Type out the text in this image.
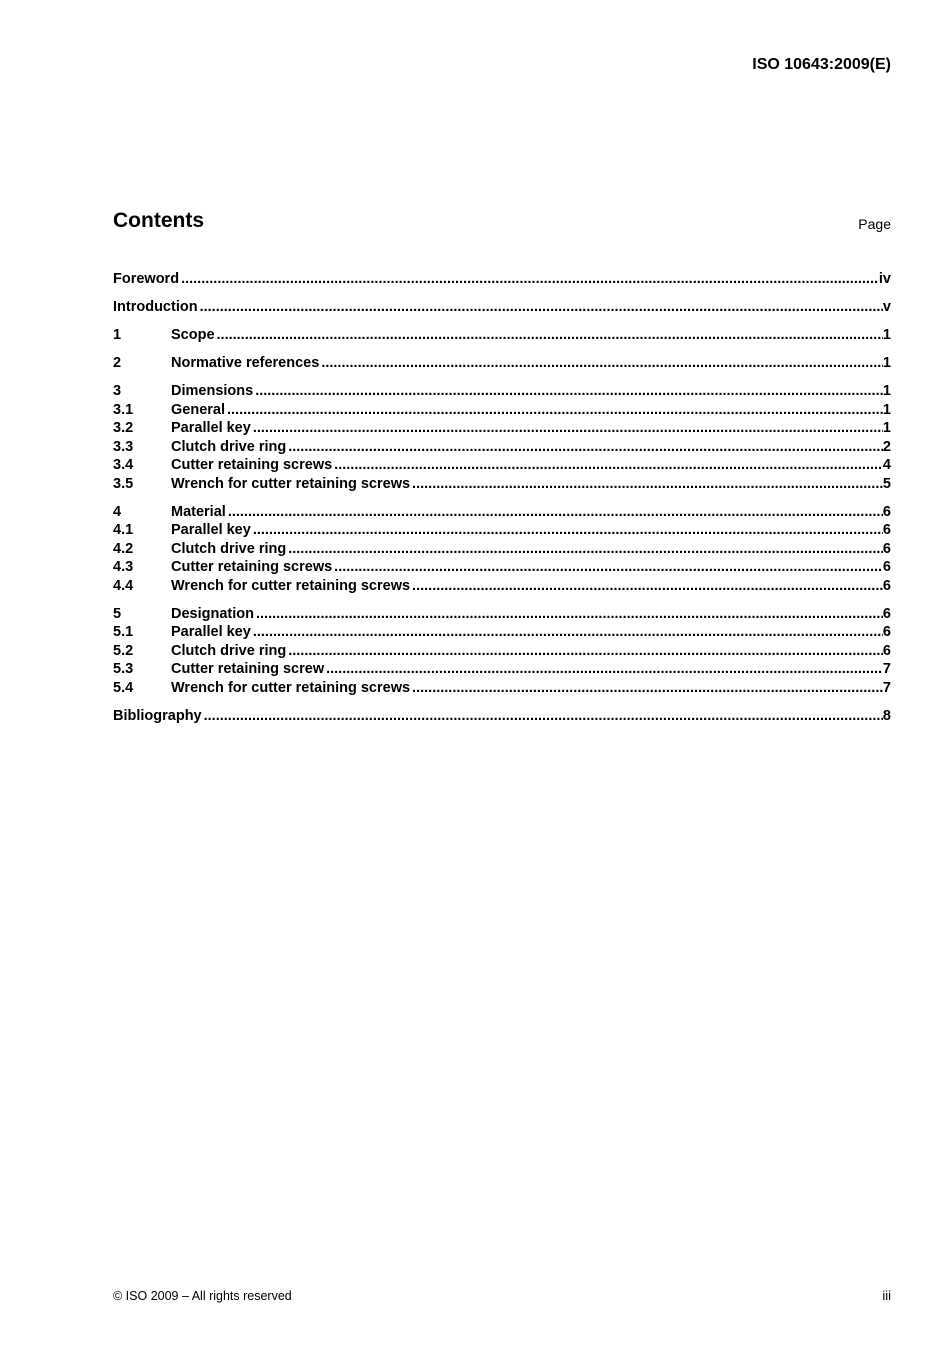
ISO 10643:2009(E)
Contents	Page
Foreword .....	iv
Introduction .....	v
1	Scope .....	1
2	Normative references .....	1
3	Dimensions .....	1
3.1	General .....	1
3.2	Parallel key .....	1
3.3	Clutch drive ring .....	2
3.4	Cutter retaining screws .....	4
3.5	Wrench for cutter retaining screws .....	5
4	Material .....	6
4.1	Parallel key .....	6
4.2	Clutch drive ring .....	6
4.3	Cutter retaining screws .....	6
4.4	Wrench for cutter retaining screws .....	6
5	Designation .....	6
5.1	Parallel key .....	6
5.2	Clutch drive ring .....	6
5.3	Cutter retaining screw .....	7
5.4	Wrench for cutter retaining screws .....	7
Bibliography .....	8
© ISO 2009 – All rights reserved	iii
